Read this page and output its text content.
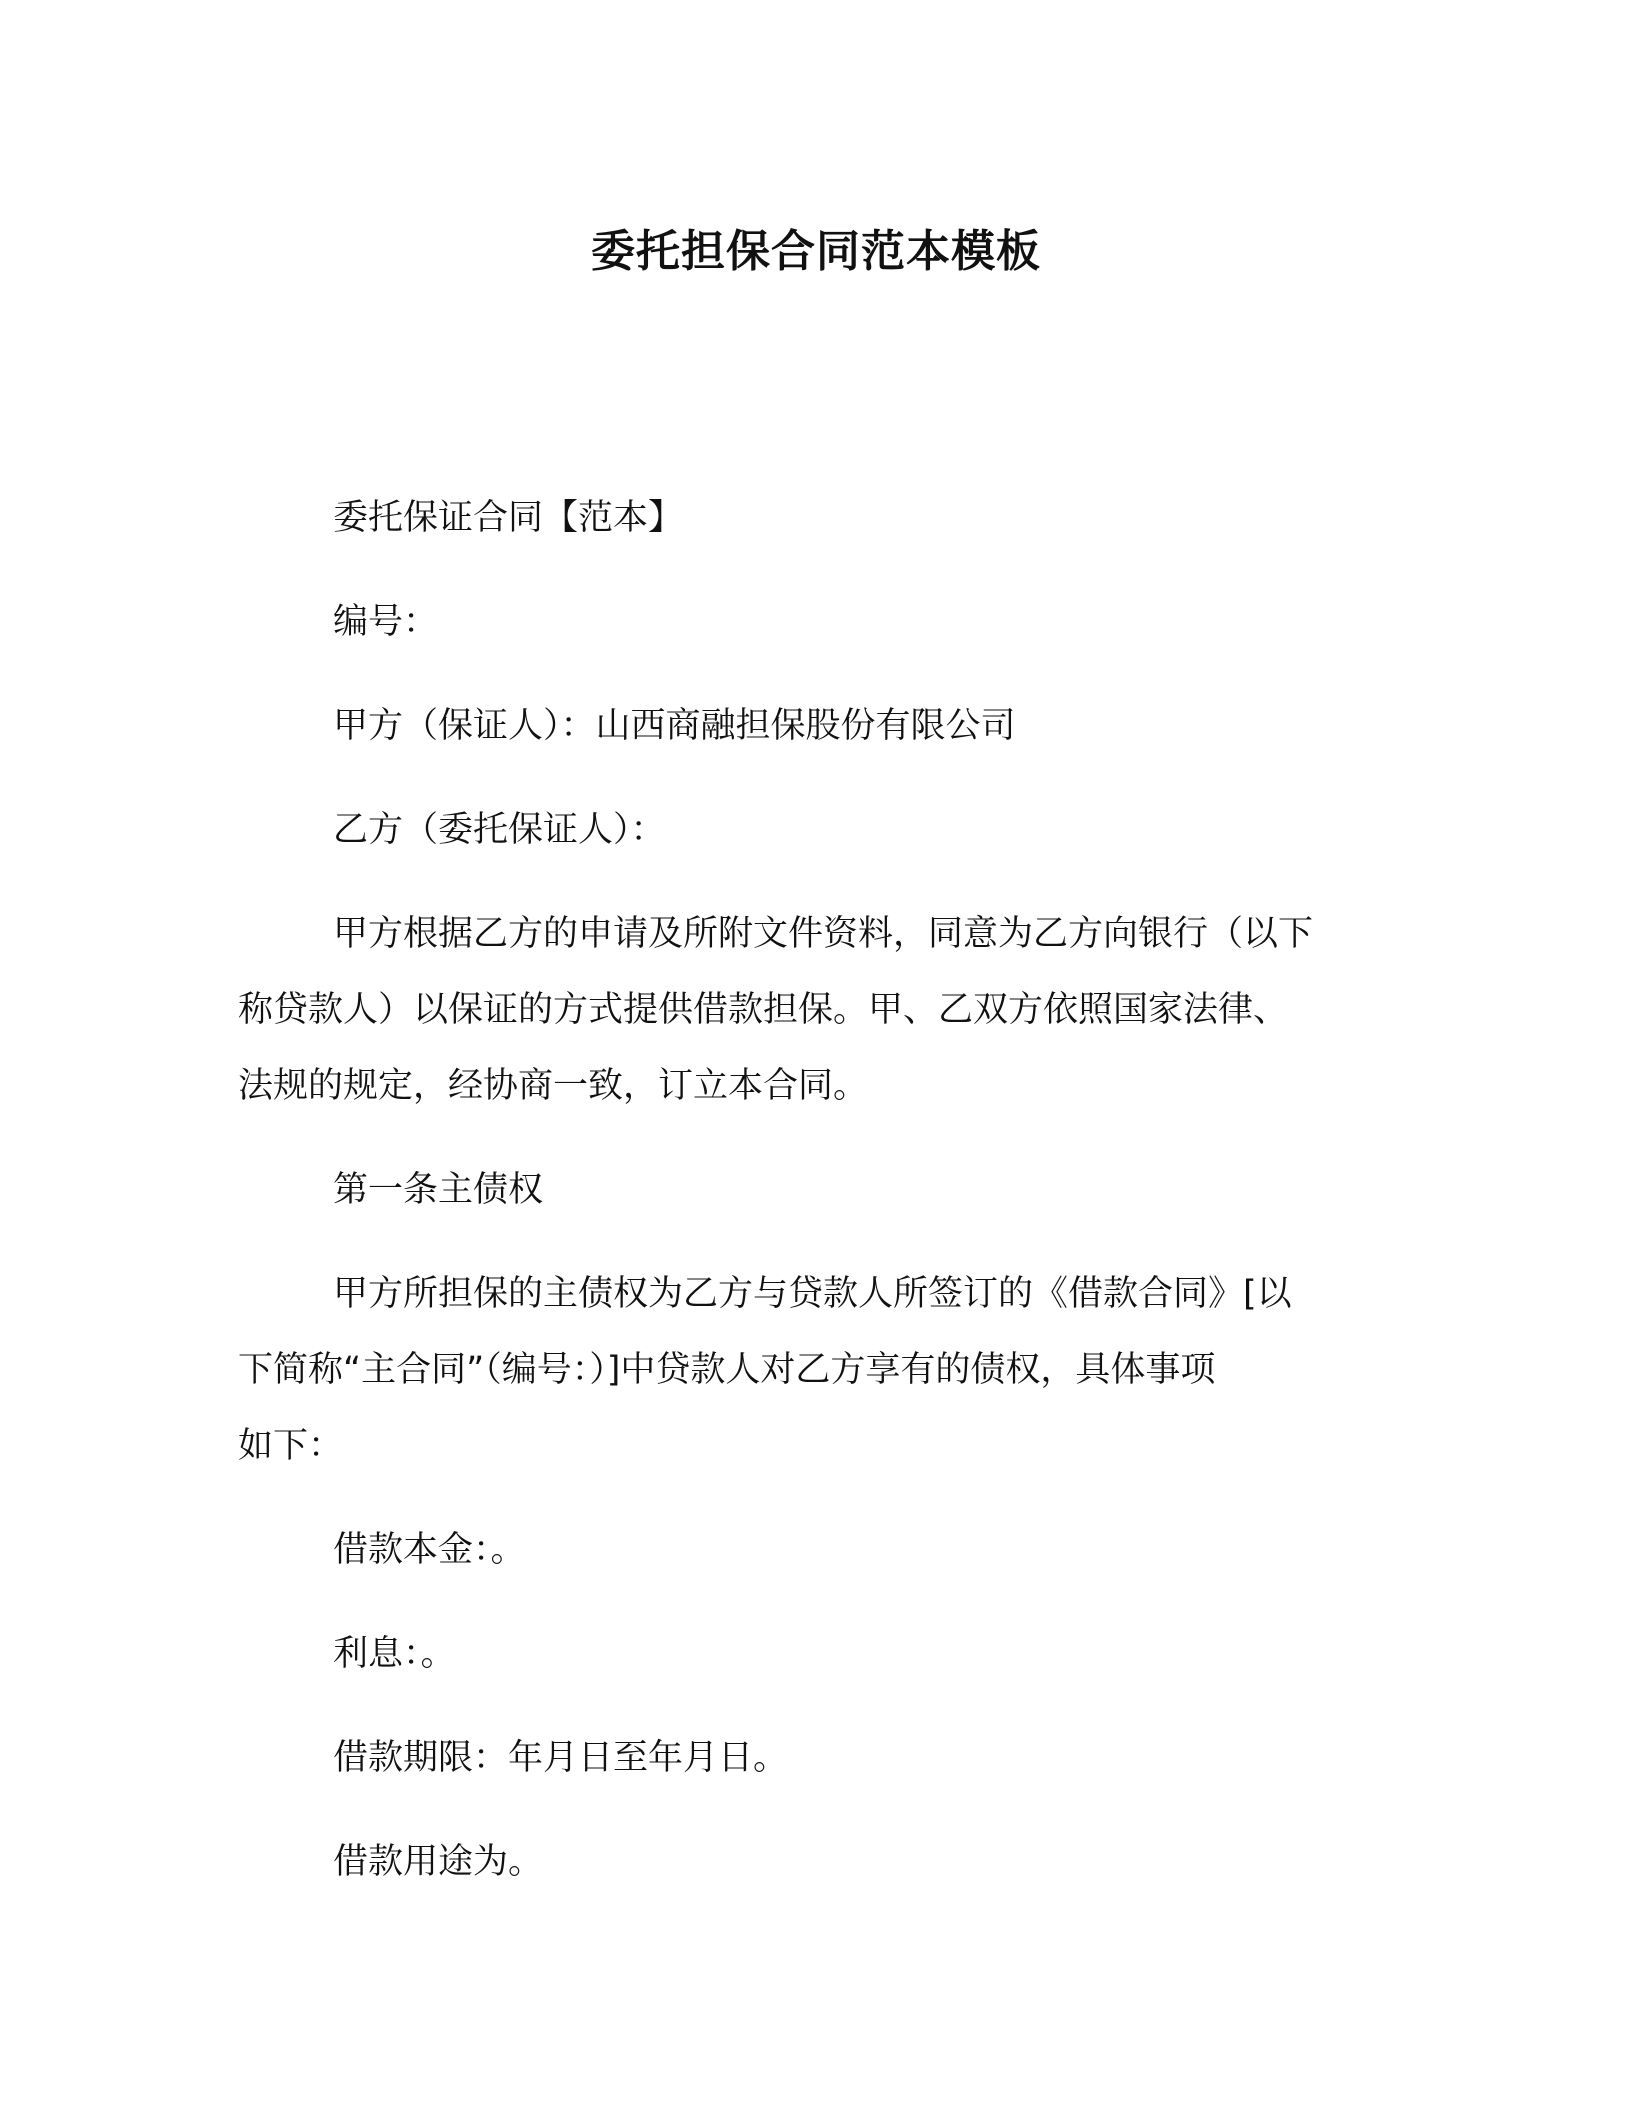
委托担保合同范本模板
委托保证合同【范本】
编号：
甲方（保证人）：山西商融担保股份有限公司
乙方（委托保证人）：
甲方根据乙方的申请及所附文件资料，同意为乙方向银行（以下
称贷款人）以保证的方式提供借款担保。甲、乙双方依照国家法律、
法规的规定，经协商一致，订立本合同。
第一条主债权
甲方所担保的主债权为乙方与贷款人所签订的《借款合同》[以
下简称“主合同”（编号：）]中贷款人对乙方享有的债权，具体事项
如下：
借款本金：。
利息：。
借款期限：年月日至年月日。
借款用途为。
